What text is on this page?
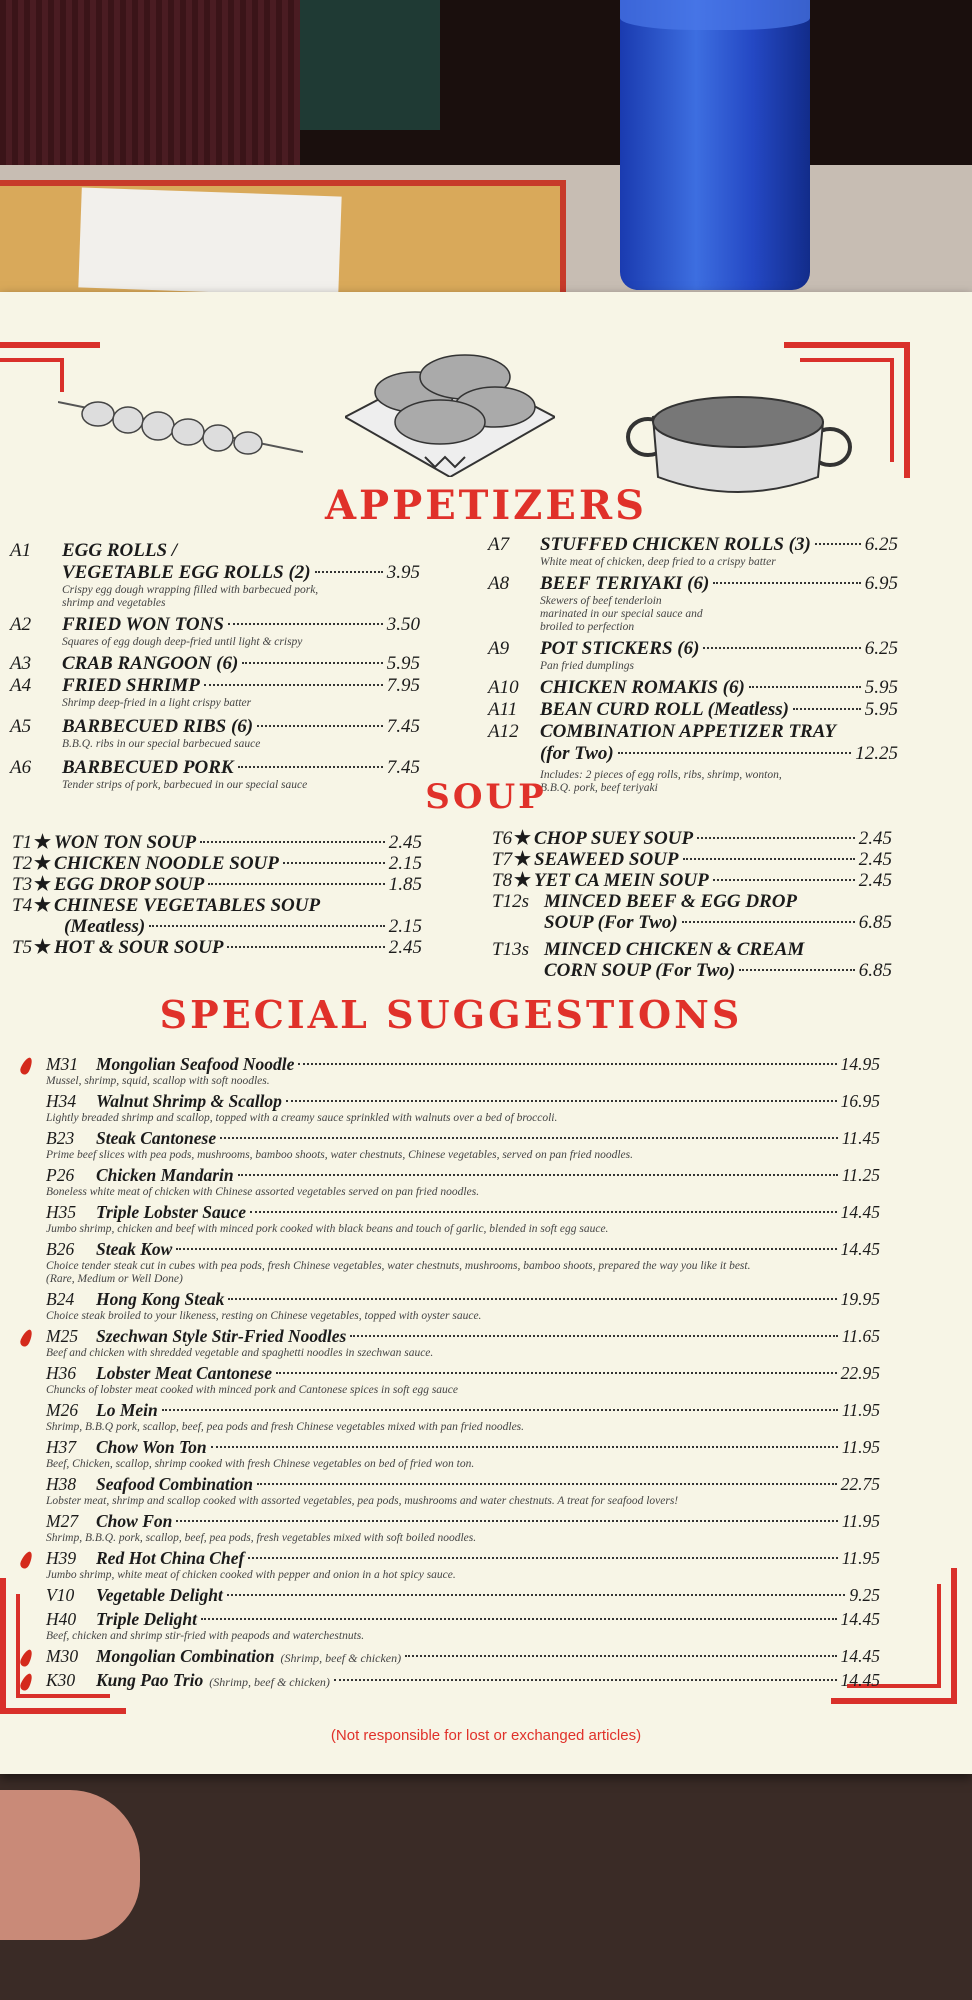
APPETIZERS
A1	EGG ROLLS /
VEGETABLE EGG ROLLS (2)	3.95
Crispy egg dough wrapping filled with barbecued pork, shrimp and vegetables
A2	FRIED WON TONS	3.50
Squares of egg dough deep-fried until light & crispy
A3	CRAB RANGOON (6)	5.95
A4	FRIED SHRIMP	7.95
Shrimp deep-fried in a light crispy batter
A5	BARBECUED RIBS (6)	7.45
B.B.Q. ribs in our special barbecued sauce
A6	BARBECUED PORK	7.45
Tender strips of pork, barbecued in our special sauce
A7	STUFFED CHICKEN ROLLS (3)	6.25
White meat of chicken, deep fried to a crispy batter
A8	BEEF TERIYAKI (6)	6.95
Skewers of beef tenderloin marinated in our special sauce and broiled to perfection
A9	POT STICKERS (6)	6.25
Pan fried dumplings
A10	CHICKEN ROMAKIS (6)	5.95
A11	BEAN CURD ROLL (Meatless)	5.95
A12	COMBINATION APPETIZER TRAY
(for Two)	12.25
Includes: 2 pieces of egg rolls, ribs, shrimp, wonton, B.B.Q. pork, beef teriyaki
SOUP
T1 ★ WON TON SOUP	2.45
T2 ★ CHICKEN NOODLE SOUP	2.15
T3 ★ EGG DROP SOUP	1.85
T4 ★ CHINESE VEGETABLES SOUP
(Meatless)	2.15
T5 ★ HOT & SOUR SOUP	2.45
T6 ★ CHOP SUEY SOUP	2.45
T7 ★ SEAWEED SOUP	2.45
T8 ★ YET CA MEIN SOUP	2.45
T12s MINCED BEEF & EGG DROP
SOUP (For Two)	6.85
T13s MINCED CHICKEN & CREAM
CORN SOUP (For Two)	6.85
SPECIAL SUGGESTIONS
M31	Mongolian Seafood Noodle	14.95
Mussel, shrimp, squid, scallop with soft noodles.
H34	Walnut Shrimp & Scallop	16.95
Lightly breaded shrimp and scallop, topped with a creamy sauce sprinkled with walnuts over a bed of broccoli.
B23	Steak Cantonese	11.45
Prime beef slices with pea pods, mushrooms, bamboo shoots, water chestnuts, Chinese vegetables, served on pan fried noodles.
P26	Chicken Mandarin	11.25
Boneless white meat of chicken with Chinese assorted vegetables served on pan fried noodles.
H35	Triple Lobster Sauce	14.45
Jumbo shrimp, chicken and beef with minced pork cooked with black beans and touch of garlic, blended in soft egg sauce.
B26	Steak Kow	14.45
Choice tender steak cut in cubes with pea pods, fresh Chinese vegetables, water chestnuts, mushrooms, bamboo shoots, prepared the way you like it best. (Rare, Medium or Well Done)
B24	Hong Kong Steak	19.95
Choice steak broiled to your likeness, resting on Chinese vegetables, topped with oyster sauce.
M25	Szechwan Style Stir-Fried Noodles	11.65
Beef and chicken with shredded vegetable and spaghetti noodles in szechwan sauce.
H36	Lobster Meat Cantonese	22.95
Chuncks of lobster meat cooked with minced pork and Cantonese spices in soft egg sauce
M26	Lo Mein	11.95
Shrimp, B.B.Q pork, scallop, beef, pea pods and fresh Chinese vegetables mixed with pan fried noodles.
H37	Chow Won Ton	11.95
Beef, Chicken, scallop, shrimp cooked with fresh Chinese vegetables on bed of fried won ton.
H38	Seafood Combination	22.75
Lobster meat, shrimp and scallop cooked with assorted vegetables, pea pods, mushrooms and water chestnuts. A treat for seafood lovers!
M27	Chow Fon	11.95
Shrimp, B.B.Q. pork, scallop, beef, pea pods, fresh vegetables mixed with soft boiled noodles.
H39	Red Hot China Chef	11.95
Jumbo shrimp, white meat of chicken cooked with pepper and onion in a hot spicy sauce.
V10	Vegetable Delight	9.25
H40	Triple Delight	14.45
Beef, chicken and shrimp stir-fried with peapods and waterchestnuts.
M30	Mongolian Combination (Shrimp, beef & chicken)	14.45
K30	Kung Pao Trio (Shrimp, beef & chicken)	14.45
(Not responsible for lost or exchanged articles)
